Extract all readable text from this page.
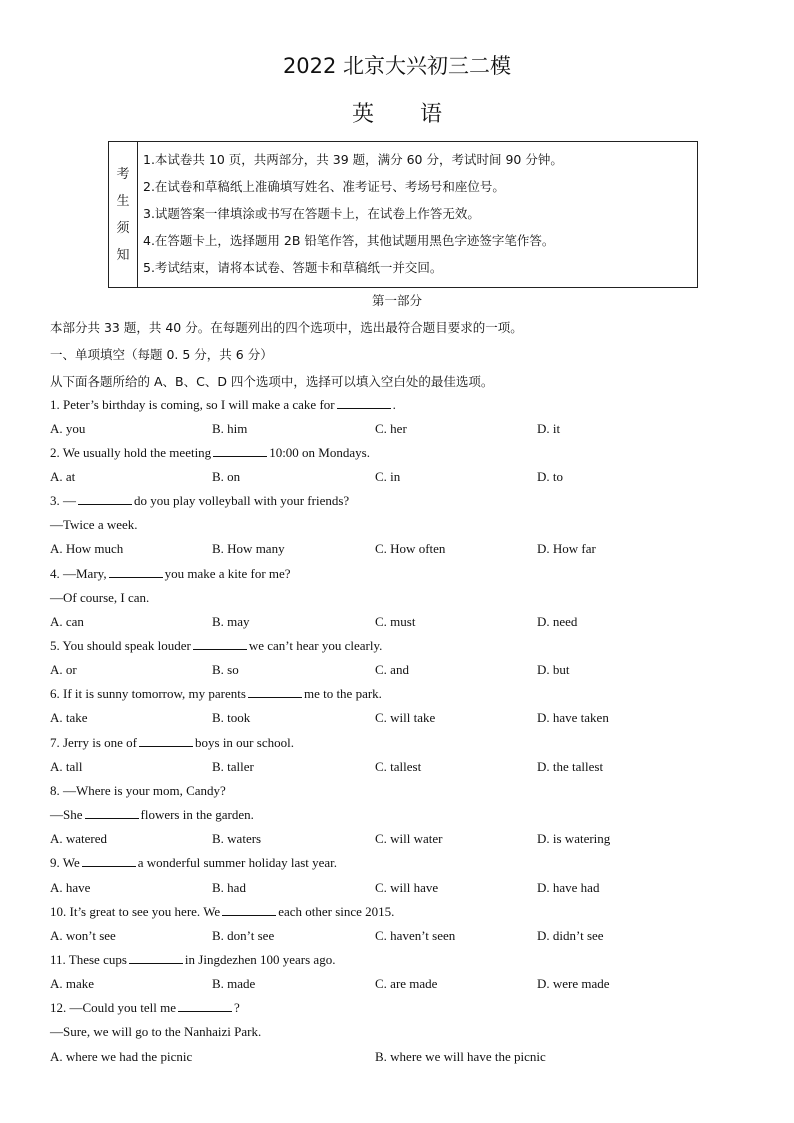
2022 北京大兴初三二模
英语
考
生
须
知
1.本试卷共 10 页，共两部分，共 39 题，满分 60 分，考试时间 90 分钟。
2.在试卷和草稿纸上准确填写姓名、准考证号、考场号和座位号。
3.试题答案一律填涂或书写在答题卡上，在试卷上作答无效。
4.在答题卡上，选择题用 2B 铅笔作答，其他试题用黑色字迹签字笔作答。
5.考试结束，请将本试卷、答题卡和草稿纸一并交回。
第一部分
本部分共 33 题，共 40 分。在每题列出的四个选项中，选出最符合题目要求的一项。
一、单项填空（每题 0. 5 分，共 6 分）
从下面各题所给的 A、B、C、D 四个选项中，选择可以填入空白处的最佳选项。
1. Peter’s birthday is coming, so I will make a cake for	.
A. you	B. him	C. her	D. it
2. We usually hold the meeting	10:00 on Mondays.
A. at	B. on	C. in	D. to
3. —	do you play volleyball with your friends?
—Twice a week.
A. How much	B. How many	C. How often	D. How far
4. —Mary,	you make a kite for me?
—Of course, I can.
A. can	B. may	C. must	D. need
5. You should speak louder	we can’t hear you clearly.
A. or	B. so	C. and	D. but
6. If it is sunny tomorrow, my parents	me to the park.
A. take	B. took	C. will take	D. have taken
7. Jerry is one of	boys in our school.
A. tall	B. taller	C. tallest	D. the tallest
8. —Where is your mom, Candy?
—She	flowers in the garden.
A. watered	B. waters	C. will water	D. is watering
9. We	a wonderful summer holiday last year.
A. have	B. had	C. will have	D. have had
10. It’s great to see you here. We	each other since 2015.
A. won’t see	B. don’t see	C. haven’t seen	D. didn’t see
11. These cups	in Jingdezhen 100 years ago.
A. make	B. made	C. are made	D. were made
12. —Could you tell me	?
—Sure, we will go to the Nanhaizi Park.
A. where we had the picnic	B. where we will have the picnic
